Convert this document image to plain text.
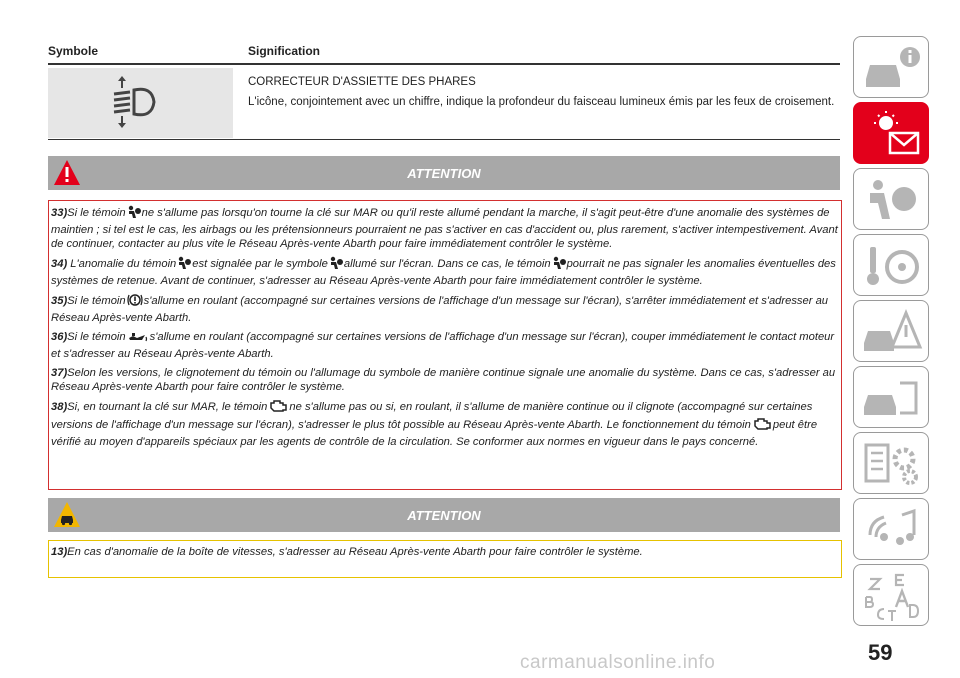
Symbole	Signification
CORRECTEUR D'ASSIETTE DES PHARES
L'icône, conjointement avec un chiffre, indique la profondeur du faisceau lumineux émis par les feux de croisement.
ATTENTION

33)Si le témoin ne s'allume pas lorsqu'on tourne la clé sur MAR ou qu'il reste allumé pendant la marche, il s'agit peut-être d'une anomalie des systèmes de maintien ; si tel est le cas, les airbags ou les prétensionneurs pourraient ne pas s'activer en cas d'accident ou, plus rarement, s'activer intempestivement. Avant de continuer, contacter au plus vite le Réseau Après-vente Abarth pour faire immédiatement contrôler le système.

34) L'anomalie du témoin est signalée par le symbole allumé sur l'écran. Dans ce cas, le témoin pourrait ne pas signaler les anomalies éventuelles des systèmes de retenue. Avant de continuer, s'adresser au Réseau Après-vente Abarth pour faire immédiatement contrôler le système.

35)Si le témoin s'allume en roulant (accompagné sur certaines versions de l'affichage d'un message sur l'écran), s'arrêter immédiatement et s'adresser au Réseau Après-vente Abarth.

36)Si le témoin s'allume en roulant (accompagné sur certaines versions de l'affichage d'un message sur l'écran), couper immédiatement le contact moteur et s'adresser au Réseau Après-vente Abarth.

37)Selon les versions, le clignotement du témoin ou l'allumage du symbole de manière continue signale une anomalie du système. Dans ce cas, s'adresser au Réseau Après-vente Abarth pour faire contrôler le système.

38)Si, en tournant la clé sur MAR, le témoin ne s'allume pas ou si, en roulant, il s'allume de manière continue ou il clignote (accompagné sur certaines versions de l'affichage d'un message sur l'écran), s'adresser le plus tôt possible au Réseau Après-vente Abarth. Le fonctionnement du témoin peut être vérifié au moyen d'appareils spéciaux par les agents de contrôle de la circulation. Se conformer aux normes en vigueur dans le pays concerné.

ATTENTION

13)En cas d'anomalie de la boîte de vitesses, s'adresser au Réseau Après-vente Abarth pour faire contrôler le système.

59
carmanualsonline.info
